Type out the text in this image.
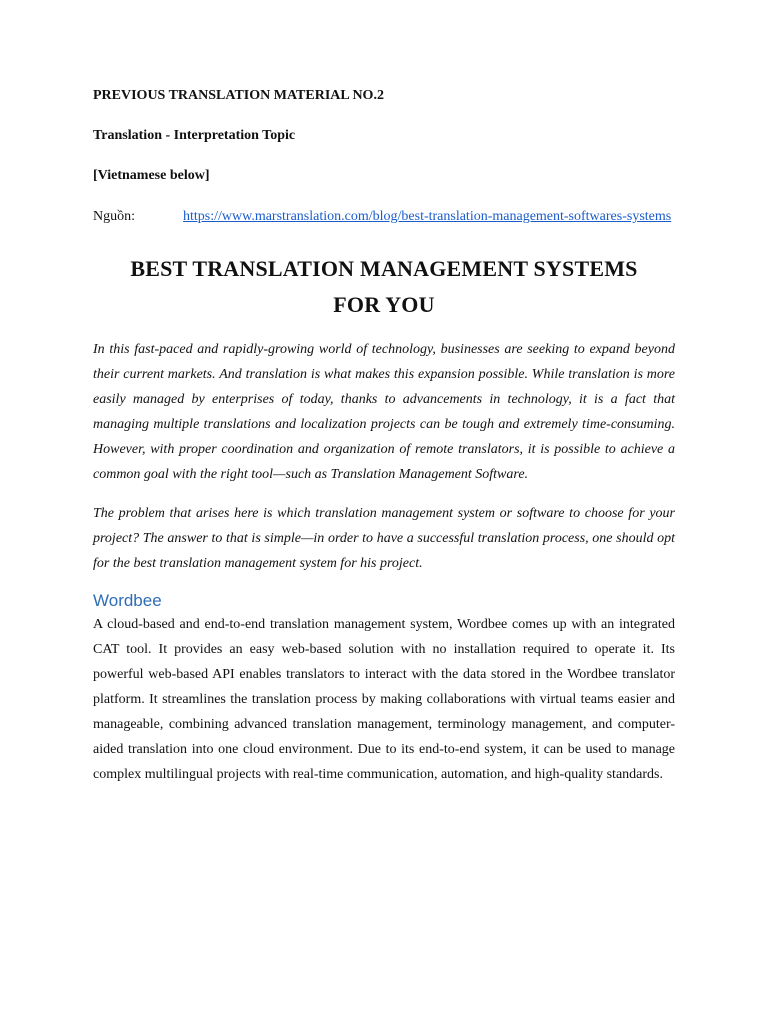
PREVIOUS TRANSLATION MATERIAL NO.2

Translation - Interpretation Topic

[Vietnamese below]

Nguồn:	https://www.marstranslation.com/blog/best-translation-management-softwares-systems
BEST TRANSLATION MANAGEMENT SYSTEMS
FOR YOU

In this fast-paced and rapidly-growing world of technology, businesses are seeking to expand beyond their current markets. And translation is what makes this expansion possible. While translation is more easily managed by enterprises of today, thanks to advancements in technology, it is a fact that managing multiple translations and localization projects can be tough and extremely time-consuming. However, with proper coordination and organization of remote translators, it is possible to achieve a common goal with the right tool—such as Translation Management Software.

The problem that arises here is which translation management system or software to choose for your project? The answer to that is simple—in order to have a successful translation process, one should opt for the best translation management system for his project.

Wordbee

A cloud-based and end-to-end translation management system, Wordbee comes up with an integrated CAT tool. It provides an easy web-based solution with no installation required to operate it. Its powerful web-based API enables translators to interact with the data stored in the Wordbee translator platform. It streamlines the translation process by making collaborations with virtual teams easier and manageable, combining advanced translation management, terminology management, and computer-aided translation into one cloud environment. Due to its end-to-end system, it can be used to manage complex multilingual projects with real-time communication, automation, and high-quality standards.
